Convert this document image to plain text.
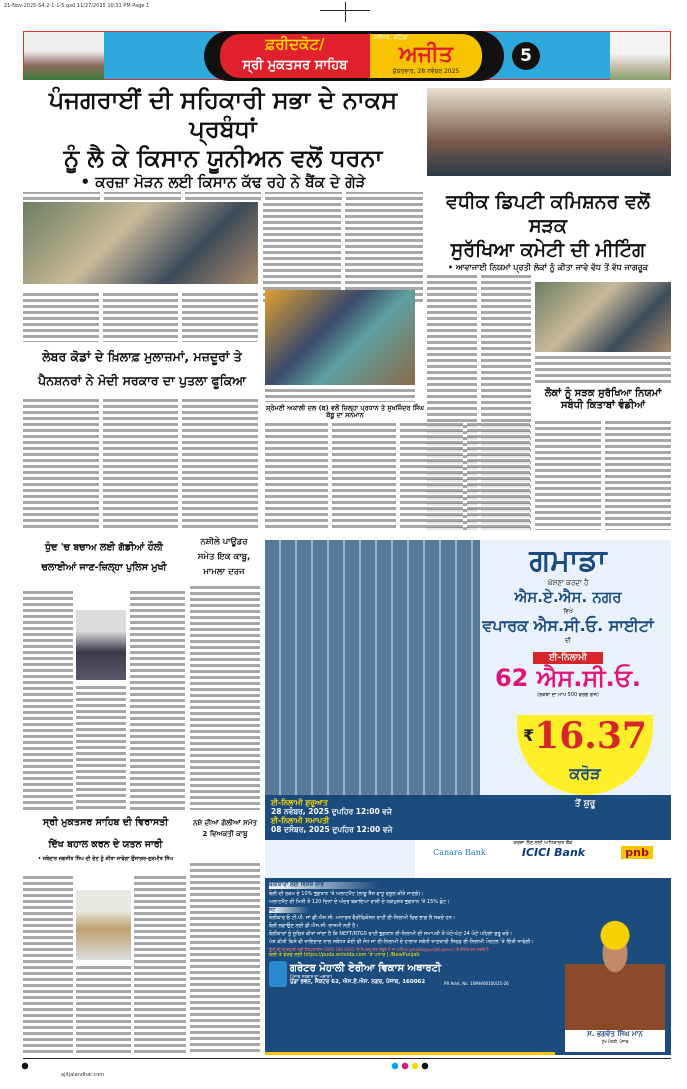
21-Nov-2025-S4-2-1-1-5.qxd 11/27/2025 10:31 PM Page 1
ਫ਼ਰੀਦਕੋਟ/
ਸ੍ਰੀ ਮੁਕਤਸਰ ਸਾਹਿਬ
ਜਲੰਧਰ, ਬਠਿੰਡਾ
ਅਜੀਤ
ਸ਼ੁੱਕਰਵਾਰ, 28 ਨਵੰਬਰ 2025
5
ਪੰਜਗਰਾਈਂ ਦੀ ਸਹਿਕਾਰੀ ਸਭਾ ਦੇ ਨਾਕਸ ਪ੍ਰਬੰਧਾਂ
ਨੂੰ ਲੈ ਕੇ ਕਿਸਾਨ ਯੂਨੀਅਨ ਵਲੋਂ ਧਰਨਾ
• ਕਰਜ਼ਾ ਮੋੜਨ ਲਈ ਕਿਸਾਨ ਕੱਢ ਰਹੇ ਨੇ ਬੈਂਕ ਦੇ ਗੇੜੇ
ਵਧੀਕ ਡਿਪਟੀ ਕਮਿਸ਼ਨਰ ਵਲੋਂ ਸੜਕ
ਸੁਰੱਖਿਆ ਕਮੇਟੀ ਦੀ ਮੀਟਿੰਗ
• ਆਵਾਜਾਈ ਨਿਯਮਾਂ ਪ੍ਰਤੀ ਲੋਕਾਂ ਨੂੰ ਕੀਤਾ ਜਾਵੇ ਵੱਧ ਤੋਂ ਵੱਧ ਜਾਗਰੂਕ
ਲੋਕਾਂ ਨੂੰ ਸੜਕ ਸੁਰੱਖਿਆ ਨਿਯਮਾਂ
ਸਬੰਧੀ ਕਿਤਾਬਾਂ ਵੰਡੀਆਂ
ਲੇਬਰ ਕੋਡਾਂ ਦੇ ਖ਼ਿਲਾਫ਼ ਮੁਲਾਜ਼ਮਾਂ, ਮਜ਼ਦੂਰਾਂ ਤੇ
ਪੈਨਸ਼ਨਰਾਂ ਨੇ ਮੋਦੀ ਸਰਕਾਰ ਦਾ ਪੁਤਲਾ ਫੂਕਿਆ
ਸ਼੍ਰੋਮਣੀ ਅਕਾਲੀ ਦਲ (ਬ) ਵਲੋਂ ਜ਼ਿਲ੍ਹਾ ਪ੍ਰਧਾਨ ਤੇ ਸੁਖਜਿੰਦਰ ਸਿੰਘ ਬੱਬੂ ਦਾ ਸਨਮਾਨ
ਧੁੰਦ 'ਚ ਬਚਾਅ ਲਈ ਗੱਡੀਆਂ ਹੌਲੀ
ਚਲਾਈਆਂ ਜਾਣ-ਜ਼ਿਲ੍ਹਾ ਪੁਲਿਸ ਮੁਖੀ
ਨਸ਼ੀਲੇ ਪਾਊਡਰ
ਸਮੇਤ ਇਕ ਕਾਬੂ,
ਮਾਮਲਾ ਦਰਜ
ਸ੍ਰੀ ਮੁਕਤਸਰ ਸਾਹਿਬ ਦੀ ਵਿਰਾਸਤੀ
ਦਿੱਖ ਬਹਾਲ ਕਰਨ ਦੇ ਯਤਨ ਜਾਰੀ
• ਜਥੇਦਾਰ ਜਗਜੀਤ ਸਿੰਘ ਦੀ ਦੇਣ ਨੂੰ ਕੀਤਾ ਜਾਵੇਗਾ ਉਜਾਗਰ-ਗੁਰਮੀਤ ਸਿੰਘ
ਨਸ਼ੇ ਦੀਆਂ ਗੋਲੀਆਂ ਸਮੇਤ
2 ਵਿਅਕਤੀ ਕਾਬੂ
ਗਮਾਡਾ
ਘੋਸ਼ਣਾ ਕਰਦਾ ਹੈ
ਐਸ.ਏ.ਐਸ. ਨਗਰ
ਵਿਖੇ
ਵਪਾਰਕ ਐਸ.ਸੀ.ਓ. ਸਾਈਟਾਂ
ਦੀ
ਈ-ਨਿਲਾਮੀ
62 ਐਸ.ਸੀ.ਓ.
(ਰਕਬਾ ਦਾ ਮਾਪ 500 ਵਰਗ ਗਜ਼)
₹16.37
ਕਰੋੜ
ਈ-ਨਿਲਾਮੀ ਸ਼ੁਰੂਆਤ
28 ਨਵੰਬਰ, 2025 ਦੁਪਹਿਰ 12:00 ਵਜੇ
ਈ-ਨਿਲਾਮੀ ਸਮਾਪਤੀ
08 ਦਸੰਬਰ, 2025 ਦੁਪਹਿਰ 12:00 ਵਜੇ
ਤੋਂ ਸ਼ੁਰੂ
ਕਰਜ਼ਾ ਲੈਣ ਲਈ ਅਧਿਕਾਰਤ ਬੈਂਕ
Canara Bank	ICICI Bank	pnb
ਬੋਲੀਕਾਰਾਂ ਲਈ ਵਿਸ਼ੇਸ਼ ਲਾਭ
ਬੋਲੀ ਦੀ ਰਕਮ ਦੇ 10% ਭੁਗਤਾਨ 'ਤੇ ਅਲਾਟਮੈਂਟ (ਲਾਗੂ ਸੈੱਸ ਵਾਧੂ ਵਸੂਲ ਕੀਤੇ ਜਾਣਗੇ)।
ਅਲਾਟਮੈਂਟ ਦੀ ਮਿਤੀ ਤੋਂ 120 ਦਿਨਾਂ ਦੇ ਅੰਦਰ ਬਕਾਇਆ ਰਾਸ਼ੀ ਦੇ ਯਕਮੁਸ਼ਤ ਭੁਗਤਾਨ 'ਤੇ 15% ਛੋਟ।
ਨੋਟ
ਬੋਲੀਕਾਰ ਓ.ਟੀ.ਪੀ. ਜਾਂ ਡੀ.ਐਸ.ਸੀ. ਅਧਾਰਤ ਵੈਰੀਫਿਕੇਸ਼ਨ ਰਾਹੀਂ ਈ-ਨਿਲਾਮੀ ਵਿਚ ਭਾਗ ਲੈ ਸਕਦੇ ਹਨ।
ਬੋਲੀ ਲਗਾਉਣ ਲਈ ਡੀ.ਐਸ.ਸੀ. ਲਾਜ਼ਮੀ ਨਹੀਂ ਹੈ।
ਬੋਲੀਕਾਰਾਂ ਨੂੰ ਸੂਚਿਤ ਕੀਤਾ ਜਾਂਦਾ ਹੈ ਕਿ NEFT/RTGS ਰਾਹੀਂ ਭੁਗਤਾਨ ਈ-ਨਿਲਾਮੀ ਦੀ ਸਮਾਪਤੀ ਤੋਂ ਘੱਟੋ-ਘੱਟ 24 ਘੰਟੇ ਪਹਿਲਾਂ ਸ਼ੁਰੂ ਕਰੋ।
ਪੇਸ਼ ਕੀਤੀ ਕਿਸੇ ਵੀ ਜਾਇਦਾਦ ਨਾਲ ਸਬੰਧਤ ਕੋਈ ਵੀ ਸੋਧ ਜਾਂ ਈ-ਨਿਲਾਮੀ ਦੇ ਹਾਲਾਤ ਸਬੰਧੀ ਜਾਣਕਾਰੀ ਸਿਰਫ਼ ਈ-ਨਿਲਾਮੀ ਪੋਰਟਲ 'ਤੇ ਦਿੱਤੀ ਜਾਵੇਗੀ।
ਕਿਸੇ ਵੀ ਜਾਣਕਾਰੀ ਲਈ ਹੈਲਪਲਾਈਨ 1800 180 0062 'ਤੇ ਸੰਪਰਕ ਕਰ ਸਕਦੇ ਹੋ ਜਾਂ office.gmada@punjab.gov.in 'ਤੇ ਈਮੇਲ ਕਰ ਸਕਦੇ ਹੋ
ਬੋਲੀ ਤੇ ਵੇਰਵੇ ਲਈ https://puda.enivida.com 'ਤੇ ਪਧਾਰੋ | /NewPunjab
ਗਰੇਟਰ ਮੋਹਾਲੀ ਏਰੀਆ ਵਿਕਾਸ ਅਥਾਰਟੀ
(ਪੰਜਾਬ ਸਰਕਾਰ ਦਾ ਅਦਾਰਾ)
ਪੁੱਡਾ ਭਵਨ, ਸੈਕਟਰ 62, ਐਸ.ਏ.ਐਸ. ਨਗਰ, ਪੰਜਾਬ, 160062	PR Advt. No. 10MH/00100/25-26
ਸ. ਭਗਵੰਤ ਸਿੰਘ ਮਾਨ
ਮੁੱਖ ਮੰਤਰੀ, ਪੰਜਾਬ
ajitjalandhar.com
